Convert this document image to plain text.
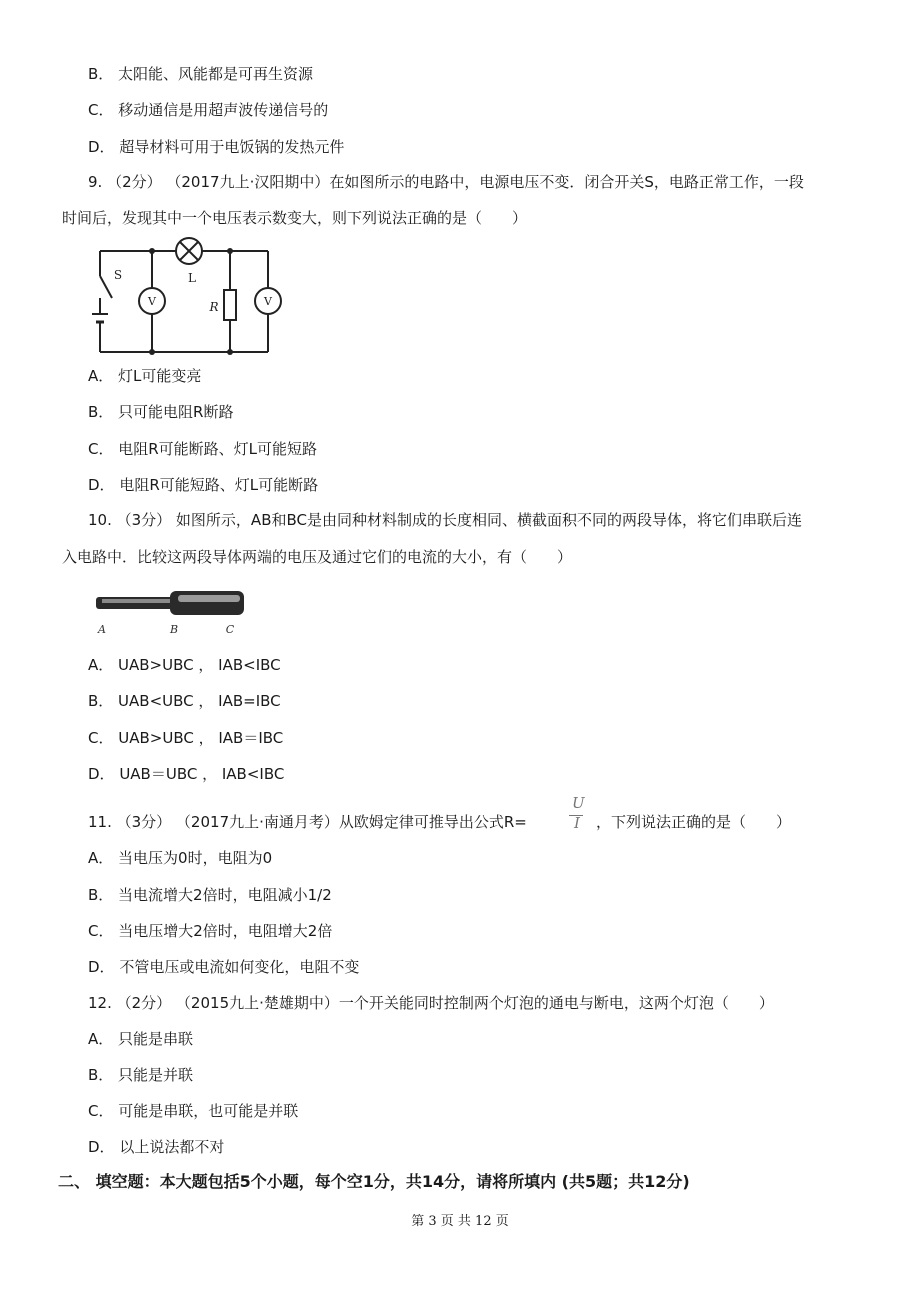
B． 太阳能、风能都是可再生资源
C． 移动通信是用超声波传递信号的
D． 超导材料可用于电饭锅的发热元件
9. （2分） （2017九上·汉阳期中）在如图所示的电路中，电源电压不变．闭合开关S，电路正常工作，一段
时间后，发现其中一个电压表示数变大，则下列说法正确的是（　　）
S	L
R
V	V
A． 灯L可能变亮
B． 只可能电阻R断路
C． 电阻R可能断路、灯L可能短路
D． 电阻R可能短路、灯L可能断路
10. （3分） 如图所示，AB和BC是由同种材料制成的长度相同、横截面积不同的两段导体，将它们串联后连
入电路中．比较这两段导体两端的电压及通过它们的电流的大小，有（　　）
A	B	C
A． UAB>UBC ， IAB<IBC
B． UAB<UBC ， IAB=IBC
C． UAB>UBC ， IAB＝IBC
D． UAB＝UBC ， IAB<IBC
11. （3分） （2017九上·南通月考）从欧姆定律可推导出公式R=
U
I ，下列说法正确的是（　　）
A． 当电压为0时，电阻为0
B． 当电流增大2倍时，电阻减小1/2
C． 当电压增大2倍时，电阻增大2倍
D． 不管电压或电流如何变化，电阻不变
12. （2分） （2015九上·楚雄期中）一个开关能同时控制两个灯泡的通电与断电，这两个灯泡（　　）
A． 只能是串联
B． 只能是并联
C． 可能是串联，也可能是并联
D． 以上说法都不对
二、 填空题：本大题包括5个小题，每个空1分，共14分，请将所填内 (共5题；共12分)
第 3 页 共 12 页
